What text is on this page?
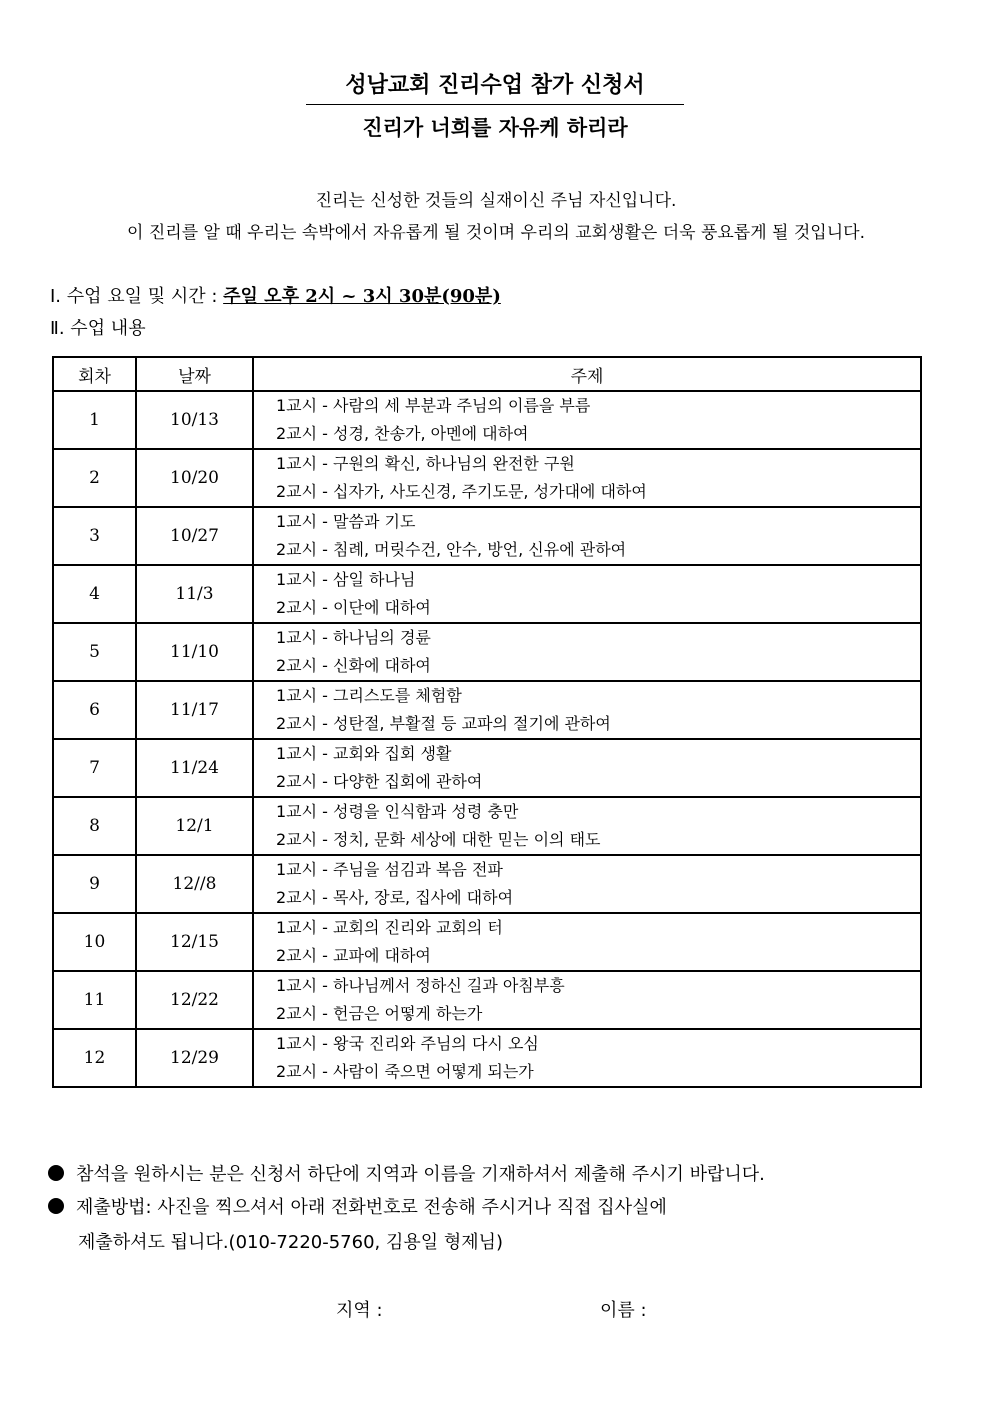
성남교회 진리수업 참가 신청서
진리가 너희를 자유케 하리라
진리는 신성한 것들의 실재이신 주님 자신입니다.
이 진리를 알 때 우리는 속박에서 자유롭게 될 것이며 우리의 교회생활은 더욱 풍요롭게 될 것입니다.
Ⅰ. 수업 요일 및 시간 : 주일 오후 2시 ~ 3시 30분(90분)
Ⅱ. 수업 내용
회차	날짜	주제
1	10/13	1교시 - 사람의 세 부분과 주님의 이름을 부름
2교시 - 성경, 찬송가, 아멘에 대하여

2	10/20	1교시 - 구원의 확신, 하나님의 완전한 구원
2교시 - 십자가, 사도신경, 주기도문, 성가대에 대하여

3	10/27	1교시 - 말씀과 기도
2교시 - 침례, 머릿수건, 안수, 방언, 신유에 관하여

4	11/3	1교시 - 삼일 하나님
2교시 - 이단에 대하여

5	11/10	1교시 - 하나님의 경륜
2교시 - 신화에 대하여

6	11/17	1교시 - 그리스도를 체험함
2교시 - 성탄절, 부활절 등 교파의 절기에 관하여

7	11/24	1교시 - 교회와 집회 생활
2교시 - 다양한 집회에 관하여

8	12/1	1교시 - 성령을 인식함과 성령 충만
2교시 - 정치, 문화 세상에 대한 믿는 이의 태도

9	12//8	1교시 - 주님을 섬김과 복음 전파
2교시 - 목사, 장로, 집사에 대하여

10	12/15	1교시 - 교회의 진리와 교회의 터
2교시 - 교파에 대하여

11	12/22	1교시 - 하나님께서 정하신 길과 아침부흥
2교시 - 헌금은 어떻게 하는가

12	12/29	1교시 - 왕국 진리와 주님의 다시 오심
2교시 - 사람이 죽으면 어떻게 되는가
참석을 원하시는 분은 신청서 하단에 지역과 이름을 기재하셔서 제출해 주시기 바랍니다.
제출방법: 사진을 찍으셔서 아래 전화번호로 전송해 주시거나 직접 집사실에
제출하셔도 됩니다.(010-7220-5760, 김용일 형제님)
지역 :	이름 :
